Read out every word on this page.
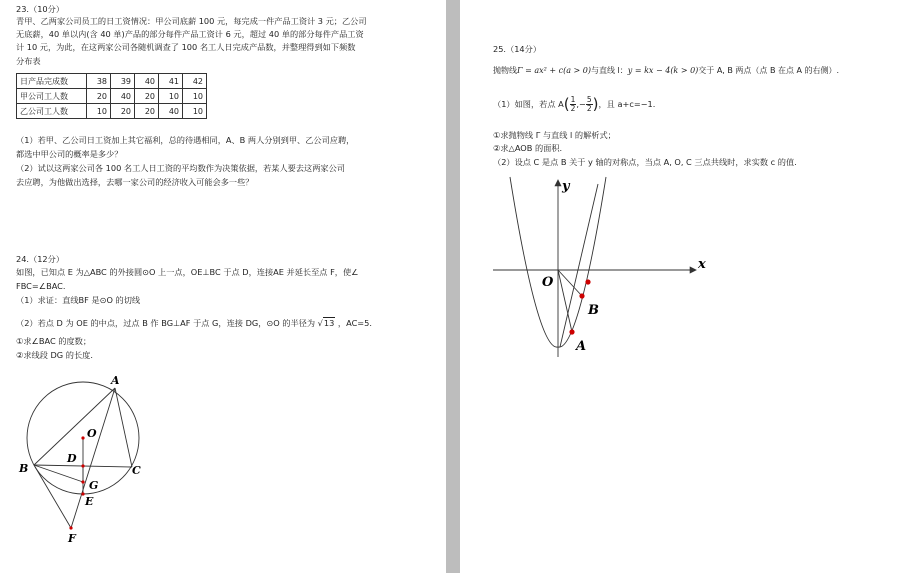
23.（10分）
青甲、乙两家公司员工的日工资情况：甲公司底薪 100 元，每完成一件产品工资计 3 元；乙公司
无底薪，40 单以内(含 40 单)产品的部分每件产品工资计 6 元，超过 40 单的部分每件产品工资
计 10 元，为此，在这两家公司各随机调查了 100 名工人日完成产品数，并整理得到如下频数
分布表
日产品完成数	38	39	40	41	42
甲公司工人数	20	40	20	10	10
乙公司工人数	10	20	20	40	10
（1）若甲、乙公司日工资加上其它福利，总的待遇相同，A、B 两人分别到甲、乙公司应聘，
都选中甲公司的概率是多少？
（2）试以这两家公司各 100 名工人日工资的平均数作为决策依据，若某人要去这两家公司
去应聘，为他做出选择，去哪一家公司的经济收入可能会多一些？
24.（12分）
如图，已知点 E 为△ABC 的外接圆⊙O 上一点，OE⊥BC 于点 D，连接AE 并延长至点 F，使∠
FBC=∠BAC.
（1）求证：直线BF 是⊙O 的切线
（2）若点 D 为 OE 的中点，过点 B 作 BG⊥AF 于点 G，连接 DG，⊙O 的半径为 √13 ，AC=5.
①求∠BAC 的度数；
②求线段 DG 的长度.
A
B	C
O
D
G
E
F
25.（14分）
抛物线Γ = ax² + c(a > 0)与直线 l：y = kx − 4(k > 0)交于 A, B 两点（点 B 在点 A 的右侧）.
（1）如图，若点 $A( \frac{1}{2}$ ,− $\frac{5}{2}$ )，且 a+c=−1.
①求抛物线 Γ 与直线 l 的解析式；
②求△AOB 的面积.
（2）设点 C 是点 B 关于 y 轴的对称点，当点 A, O, C 三点共线时，求实数 c 的值.
x
y
O
B
A
